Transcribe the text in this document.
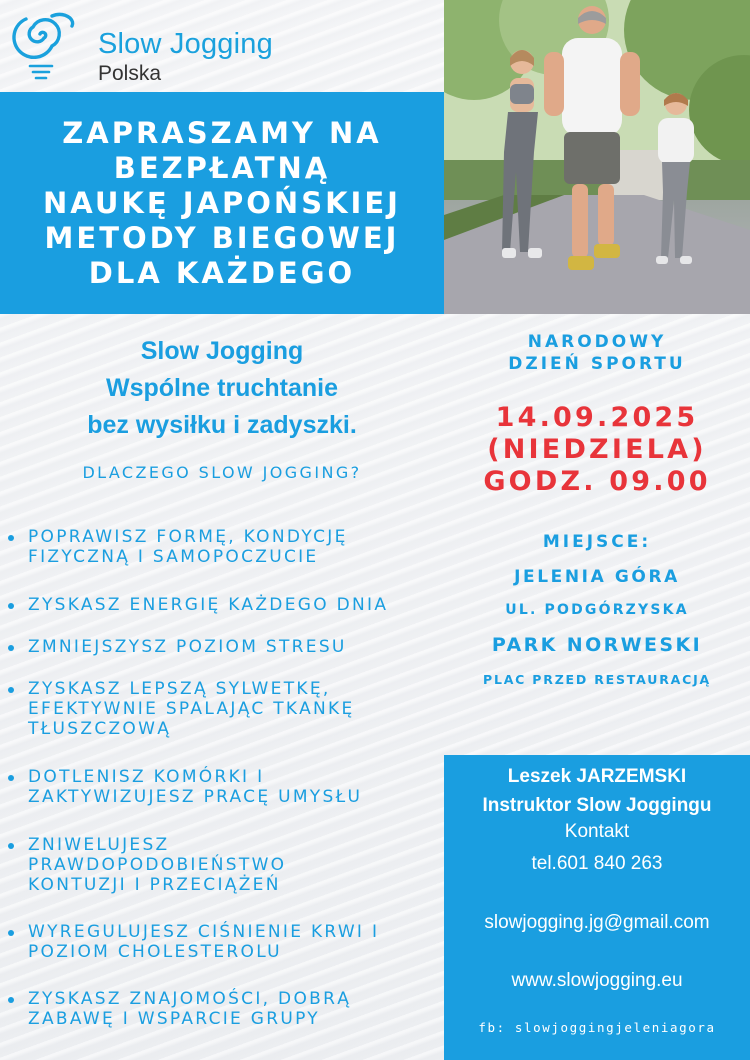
Slow Jogging
Polska
ZAPRASZAMY NA
BEZPŁATNĄ
NAUKĘ JAPOŃSKIEJ
METODY BIEGOWEJ
DLA KAŻDEGO
Slow Jogging
Wspólne truchtanie
bez wysiłku i zadyszki.
DLACZEGO SLOW JOGGING?
POPRAWISZ FORMĘ, KONDYCJĘ
FIZYCZNĄ I SAMOPOCZUCIE
ZYSKASZ ENERGIĘ KAŻDEGO DNIA
ZMNIEJSZYSZ POZIOM STRESU
ZYSKASZ LEPSZĄ SYLWETKĘ,
EFEKTYWNIE SPALAJĄC TKANKĘ
TŁUSZCZOWĄ
DOTLENISZ KOMÓRKI I
ZAKTYWIZUJESZ PRACĘ UMYSŁU
ZNIWELUJESZ
PRAWDOPODOBIEŃSTWO
KONTUZJI I PRZECIĄŻEŃ
WYREGULUJESZ CIŚNIENIE KRWI I
POZIOM CHOLESTEROLU
ZYSKASZ ZNAJOMOŚCI, DOBRĄ
ZABAWĘ I WSPARCIE GRUPY
NARODOWY
DZIEŃ SPORTU
14.09.2025
(NIEDZIELA)
GODZ. 09.00
MIEJSCE:
JELENIA GÓRA
UL. PODGÓRZYSKA
PARK NORWESKI
PLAC PRZED RESTAURACJĄ
Leszek JARZEMSKI
Instruktor Slow Joggingu
Kontakt
tel.601 840 263
slowjogging.jg@gmail.com
www.slowjogging.eu
fb: slowjoggingjeleniagora
